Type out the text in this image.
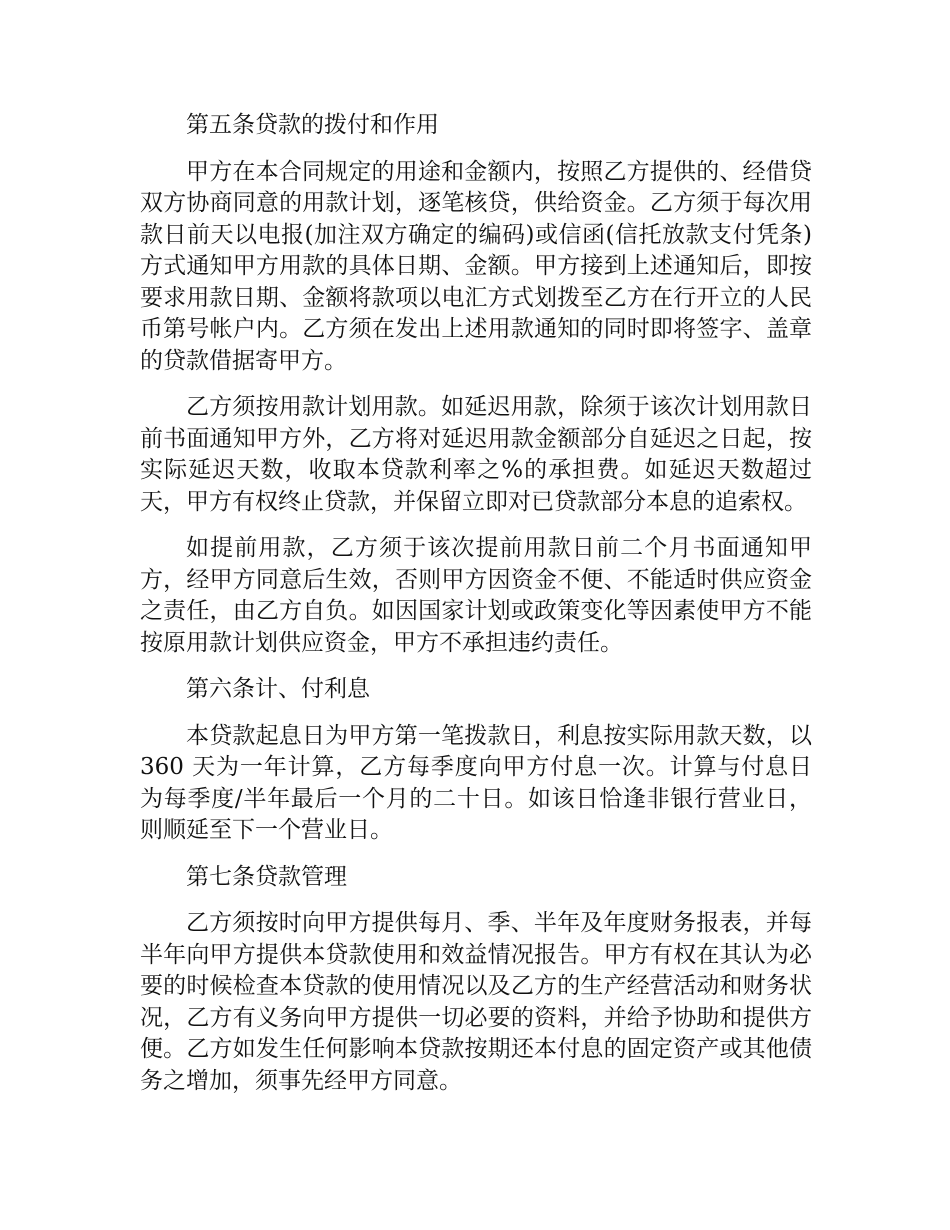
第五条贷款的拨付和作用

甲方在本合同规定的用途和金额内，按照乙方提供的、经借贷双方协商同意的用款计划，逐笔核贷，供给资金。乙方须于每次用款日前天以电报(加注双方确定的编码)或信函(信托放款支付凭条)方式通知甲方用款的具体日期、金额。甲方接到上述通知后，即按要求用款日期、金额将款项以电汇方式划拨至乙方在行开立的人民币第号帐户内。乙方须在发出上述用款通知的同时即将签字、盖章的贷款借据寄甲方。

乙方须按用款计划用款。如延迟用款，除须于该次计划用款日前书面通知甲方外，乙方将对延迟用款金额部分自延迟之日起，按实际延迟天数，收取本贷款利率之%的承担费。如延迟天数超过天，甲方有权终止贷款，并保留立即对已贷款部分本息的追索权。

如提前用款，乙方须于该次提前用款日前二个月书面通知甲方，经甲方同意后生效，否则甲方因资金不便、不能适时供应资金之责任，由乙方自负。如因国家计划或政策变化等因素使甲方不能按原用款计划供应资金，甲方不承担违约责任。

第六条计、付利息

本贷款起息日为甲方第一笔拨款日，利息按实际用款天数，以 360 天为一年计算，乙方每季度向甲方付息一次。计算与付息日为每季度/半年最后一个月的二十日。如该日恰逢非银行营业日，则顺延至下一个营业日。

第七条贷款管理

乙方须按时向甲方提供每月、季、半年及年度财务报表，并每半年向甲方提供本贷款使用和效益情况报告。甲方有权在其认为必要的时候检查本贷款的使用情况以及乙方的生产经营活动和财务状况，乙方有义务向甲方提供一切必要的资料，并给予协助和提供方便。乙方如发生任何影响本贷款按期还本付息的固定资产或其他债务之增加，须事先经甲方同意。
